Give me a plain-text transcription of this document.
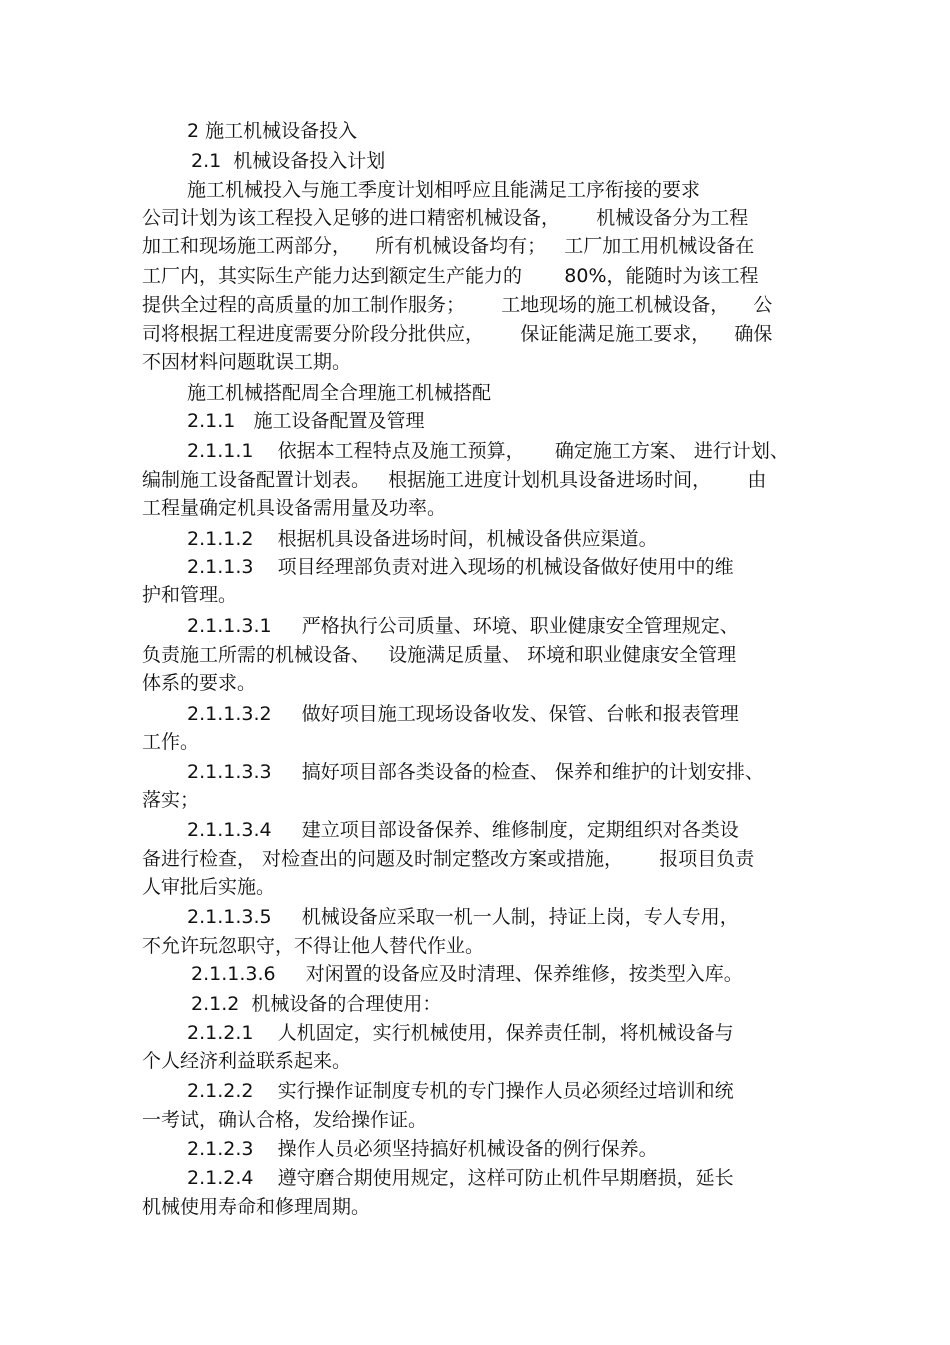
2 施工机械设备投入
2.1  机械设备投入计划
施工机械投入与施工季度计划相呼应且能满足工序衔接的要求
公司计划为该工程投入足够的进口精密机械设备，      机械设备分为工程
加工和现场施工两部分，    所有机械设备均有；   工厂加工用机械设备在
工厂内，其实际生产能力达到额定生产能力的       80%，能随时为该工程
提供全过程的高质量的加工制作服务；      工地现场的施工机械设备，    公
司将根据工程进度需要分阶段分批供应，      保证能满足施工要求，    确保
不因材料问题耽误工期。
施工机械搭配周全合理施工机械搭配
2.1.1   施工设备配置及管理
2.1.1.1    依据本工程特点及施工预算，     确定施工方案、 进行计划、
编制施工设备配置计划表。   根据施工进度计划机具设备进场时间，      由
工程量确定机具设备需用量及功率。
2.1.1.2    根据机具设备进场时间，机械设备供应渠道。
2.1.1.3    项目经理部负责对进入现场的机械设备做好使用中的维
护和管理。
2.1.1.3.1     严格执行公司质量、环境、职业健康安全管理规定、
负责施工所需的机械设备、   设施满足质量、 环境和职业健康安全管理
体系的要求。
2.1.1.3.2     做好项目施工现场设备收发、保管、台帐和报表管理
工作。
2.1.1.3.3     搞好项目部各类设备的检查、 保养和维护的计划安排、
落实；
2.1.1.3.4     建立项目部设备保养、维修制度，定期组织对各类设
备进行检查， 对检查出的问题及时制定整改方案或措施，      报项目负责
人审批后实施。
2.1.1.3.5     机械设备应采取一机一人制，持证上岗，专人专用，
不允许玩忽职守，不得让他人替代作业。
2.1.1.3.6     对闲置的设备应及时清理、保养维修，按类型入库。
2.1.2  机械设备的合理使用：
2.1.2.1    人机固定，实行机械使用，保养责任制，将机械设备与
个人经济利益联系起来。
2.1.2.2    实行操作证制度专机的专门操作人员必须经过培训和统
一考试，确认合格，发给操作证。
2.1.2.3    操作人员必须坚持搞好机械设备的例行保养。
2.1.2.4    遵守磨合期使用规定，这样可防止机件早期磨损，延长
机械使用寿命和修理周期。
